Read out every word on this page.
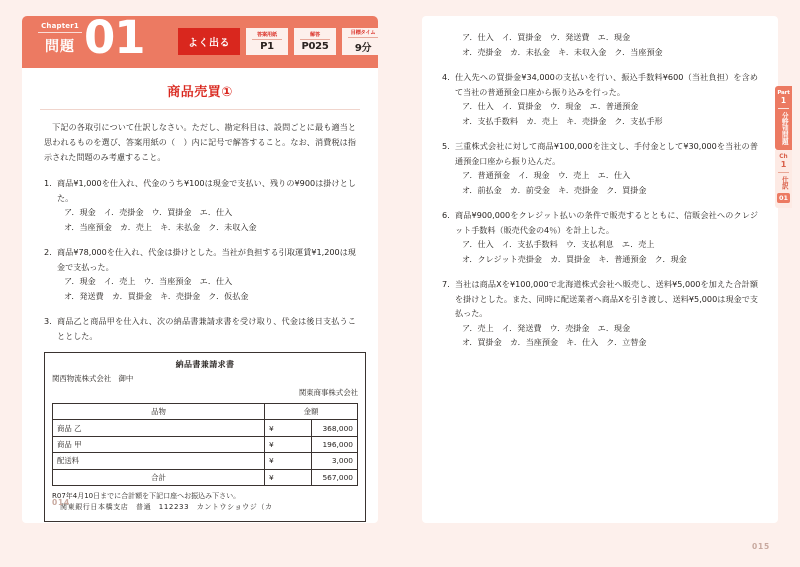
Chapter1
問題 01	よく出る
答案用紙
P1
解答
P025
目標タイム
9分
商品売買①
下記の各取引について仕訳しなさい。ただし、勘定科目は、設問ごとに最も適当と思われるものを選び、答案用紙の（　）内に記号で解答すること。なお、消費税は指示された問題のみ考慮すること。
1. 商品¥1,000を仕入れ、代金のうち¥100は現金で支払い、残りの¥900は掛けとした。
ア．現金　イ．売掛金　ウ．買掛金　エ．仕入
オ．当座預金　カ．売上　キ．未払金　ク．未収入金
2. 商品¥78,000を仕入れ、代金は掛けとした。当社が負担する引取運賃¥1,200は現金で支払った。
ア．現金　イ．売上　ウ．当座預金　エ．仕入
オ．発送費　カ．買掛金　キ．売掛金　ク．仮払金
3. 商品乙と商品甲を仕入れ、次の納品書兼請求書を受け取り、代金は後日支払うこととした。
納品書兼請求書
関西物流株式会社　御中
関東商事株式会社
品物	金額	
商品 乙	¥	368,000
商品 甲	¥	196,000
配送料	¥	3,000
合計	¥	567,000
R07年4月10日までに合計額を下記口座へお振込み下さい。
関東銀行日本橋支店　普通　112233　カントウショウジ（カ
014
ア．仕入　イ．買掛金　ウ．発送費　エ．現金
オ．売掛金　カ．未払金　キ．未収入金　ク．当座預金
4. 仕入先への買掛金¥34,000の支払いを行い、振込手数料¥600（当社負担）を含めて当社の普通預金口座から振り込みを行った。
ア．仕入　イ．買掛金　ウ．現金　エ．普通預金
オ．支払手数料　カ．売上　キ．売掛金　ク．支払手形
5. 三重株式会社に対して商品¥100,000を注文し、手付金として¥30,000を当社の普通預金口座から振り込んだ。
ア．普通預金　イ．現金　ウ．売上　エ．仕入
オ．前払金　カ．前受金　キ．売掛金　ク．買掛金
6. 商品¥900,000をクレジット払いの条件で販売するとともに、信販会社へのクレジット手数料（販売代金の4％）を計上した。
ア．仕入　イ．支払手数料　ウ．支払利息　エ．売上
オ．クレジット売掛金　カ．買掛金　キ．普通預金　ク．現金
7. 当社は商品Xを¥100,000で北海道株式会社へ販売し、送料¥5,000を加えた合計額を掛けとした。また、同時に配送業者へ商品Xを引き渡し、送料¥5,000は現金で支払った。
ア．売上　イ．発送費　ウ．売掛金　エ．現金
オ．買掛金　カ．当座預金　キ．仕入　ク．立替金
Part
1
分野別問題
Ch
1
仕訳
01
015
